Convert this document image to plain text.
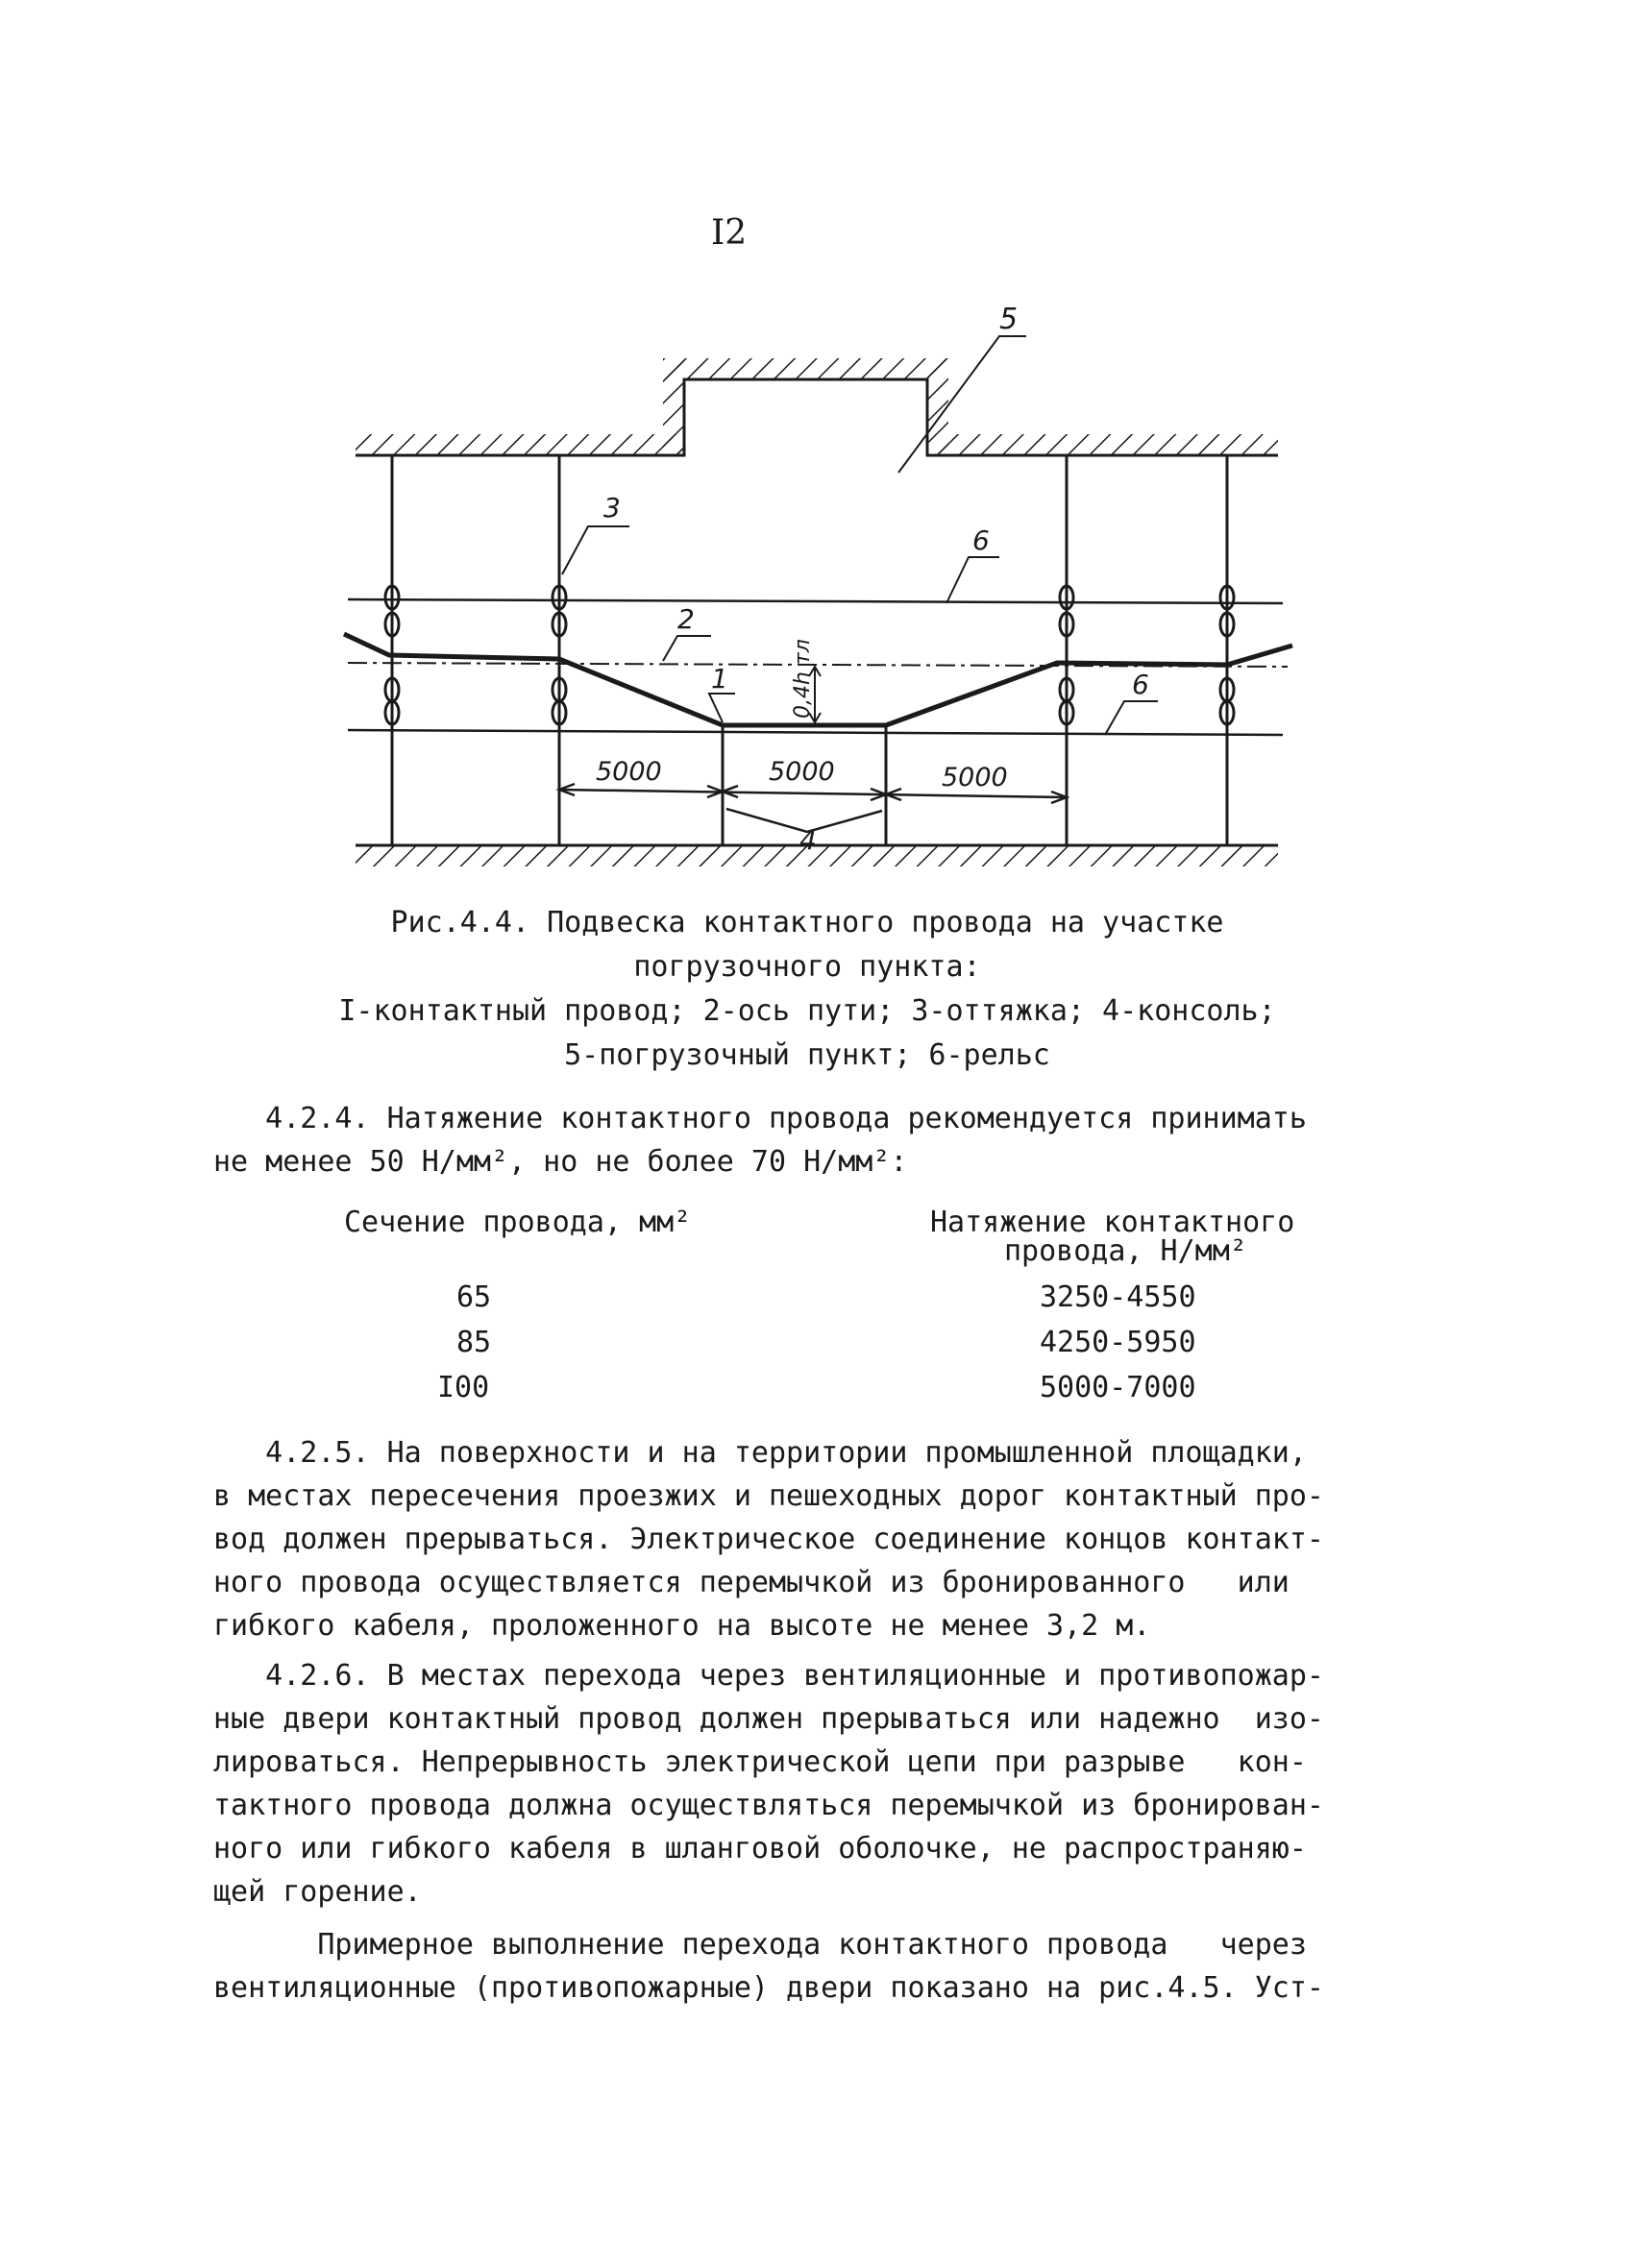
I2
0,4h тл
5000	5000	5000
4
3
2
1
6
6
5
Рис.4.4. Подвеска контактного провода на участке
погрузочного пункта:
I-контактный провод; 2-ось пути; 3-оттяжка; 4-консоль;
5-погрузочный пункт; 6-рельс
4.2.4. Натяжение контактного провода рекомендуется принимать
не менее 50 Н/мм², но не более 70 Н/мм²:
Сечение провода, мм²	Натяжение контактного
провода, Н/мм²
65	3250-4550
85	4250-5950
I00	5000-7000
4.2.5. На поверхности и на территории промышленной площадки,
в местах пересечения проезжих и пешеходных дорог контактный про-
вод должен прерываться. Электрическое соединение концов контакт-
ного провода осуществляется перемычкой из бронированного   или
гибкого кабеля, проложенного на высоте не менее 3,2 м.
4.2.6. В местах перехода через вентиляционные и противопожар-
ные двери контактный провод должен прерываться или надежно  изо-
лироваться. Непрерывность электрической цепи при разрыве   кон-
тактного провода должна осуществляться перемычкой из бронирован-
ного или гибкого кабеля в шланговой оболочке, не распространяю-
щей горение.
Примерное выполнение перехода контактного провода   через
вентиляционные (противопожарные) двери показано на рис.4.5. Уст-
